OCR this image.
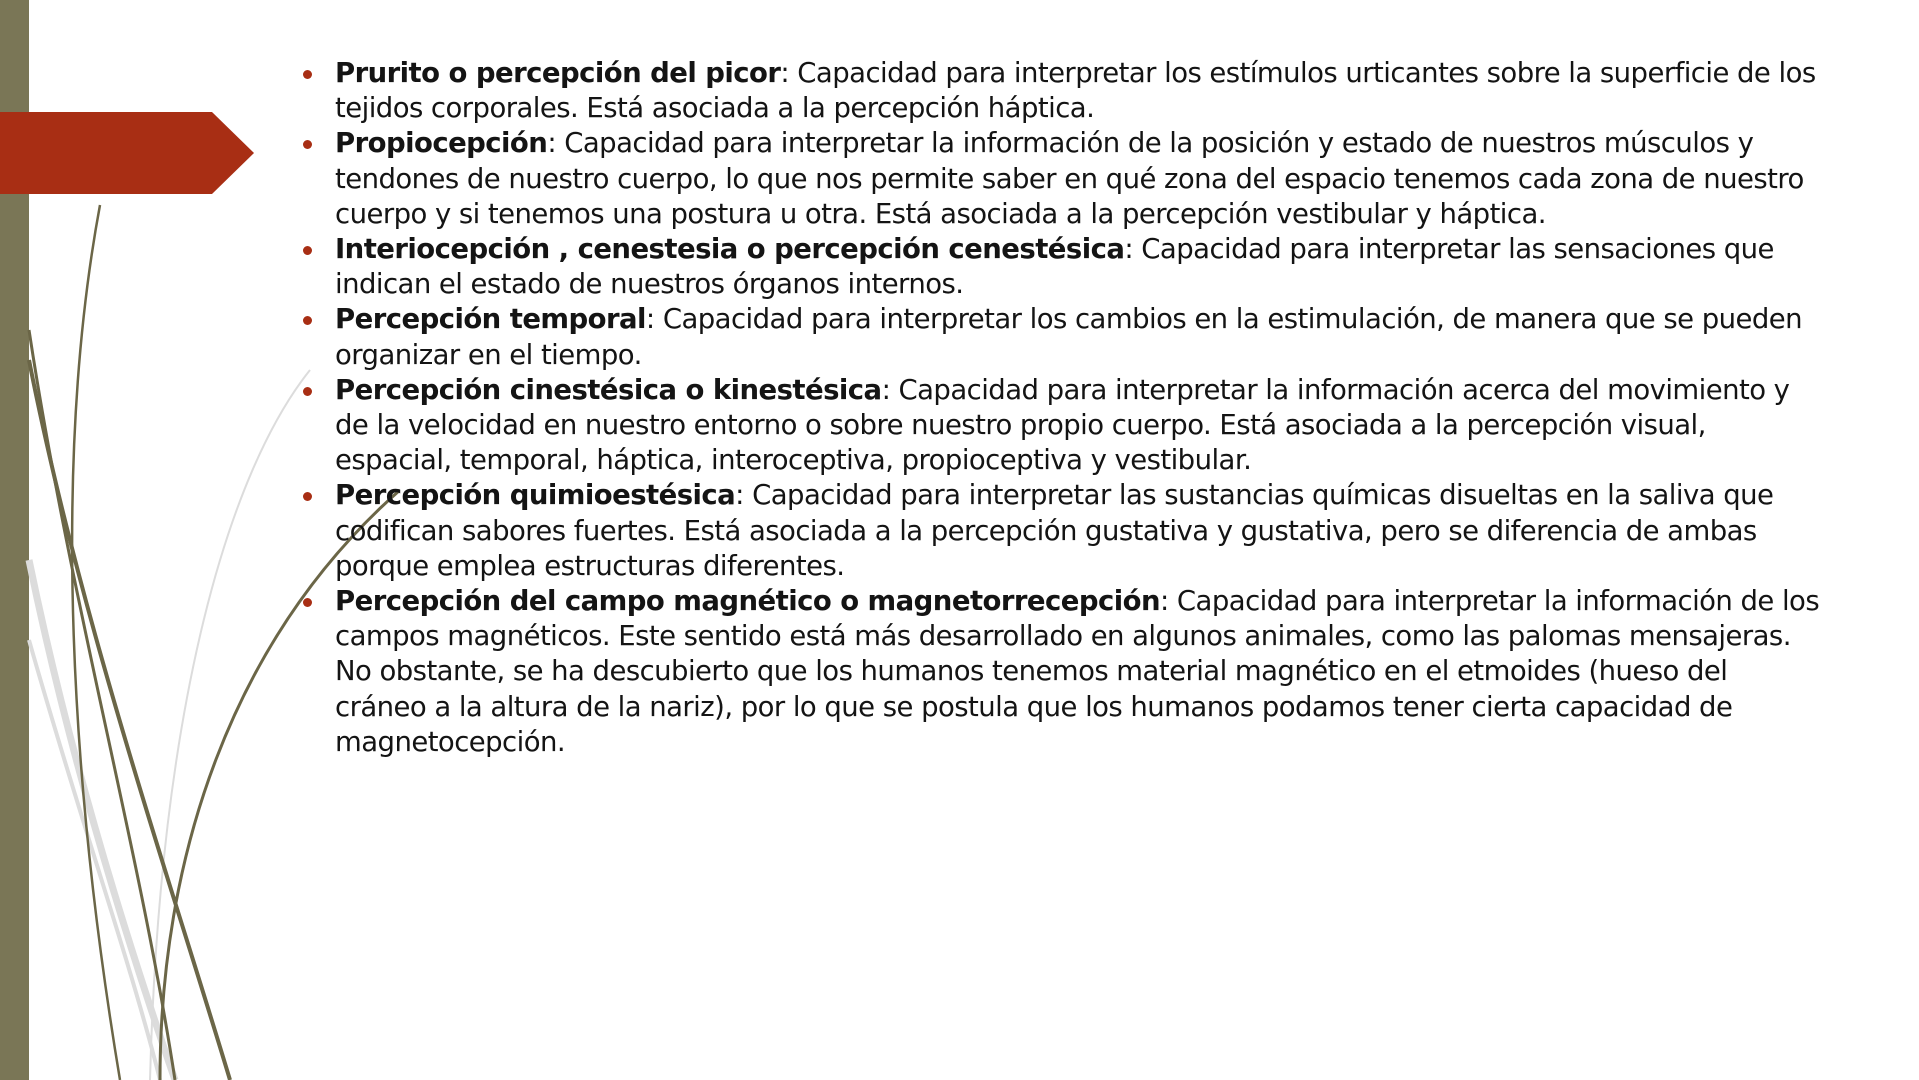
Prurito o percepción del picor: Capacidad para interpretar los estímulos urticantes sobre la superficie de los tejidos corporales. Está asociada a la percepción háptica.
Propiocepción: Capacidad para interpretar la información de la posición y estado de nuestros músculos y tendones de nuestro cuerpo, lo que nos permite saber en qué zona del espacio tenemos cada zona de nuestro cuerpo y si tenemos una postura u otra. Está asociada a la percepción vestibular y háptica.
Interiocepción , cenestesia o percepción cenestésica: Capacidad para interpretar las sensaciones que indican el estado de nuestros órganos internos.
Percepción temporal: Capacidad para interpretar los cambios en la estimulación, de manera que se pueden organizar en el tiempo.
Percepción cinestésica o kinestésica: Capacidad para interpretar la información acerca del movimiento y de la velocidad en nuestro entorno o sobre nuestro propio cuerpo. Está asociada a la percepción visual, espacial, temporal, háptica, interoceptiva, propioceptiva y vestibular.
Percepción quimioestésica: Capacidad para interpretar las sustancias químicas disueltas en la saliva que codifican sabores fuertes. Está asociada a la percepción gustativa y gustativa, pero se diferencia de ambas porque emplea estructuras diferentes.
Percepción del campo magnético o magnetorrecepción: Capacidad para interpretar la información de los campos magnéticos. Este sentido está más desarrollado en algunos animales, como las palomas mensajeras. No obstante, se ha descubierto que los humanos tenemos material magnético en el etmoides (hueso del cráneo a la altura de la nariz), por lo que se postula que los humanos podamos tener cierta capacidad de magnetocepción.
